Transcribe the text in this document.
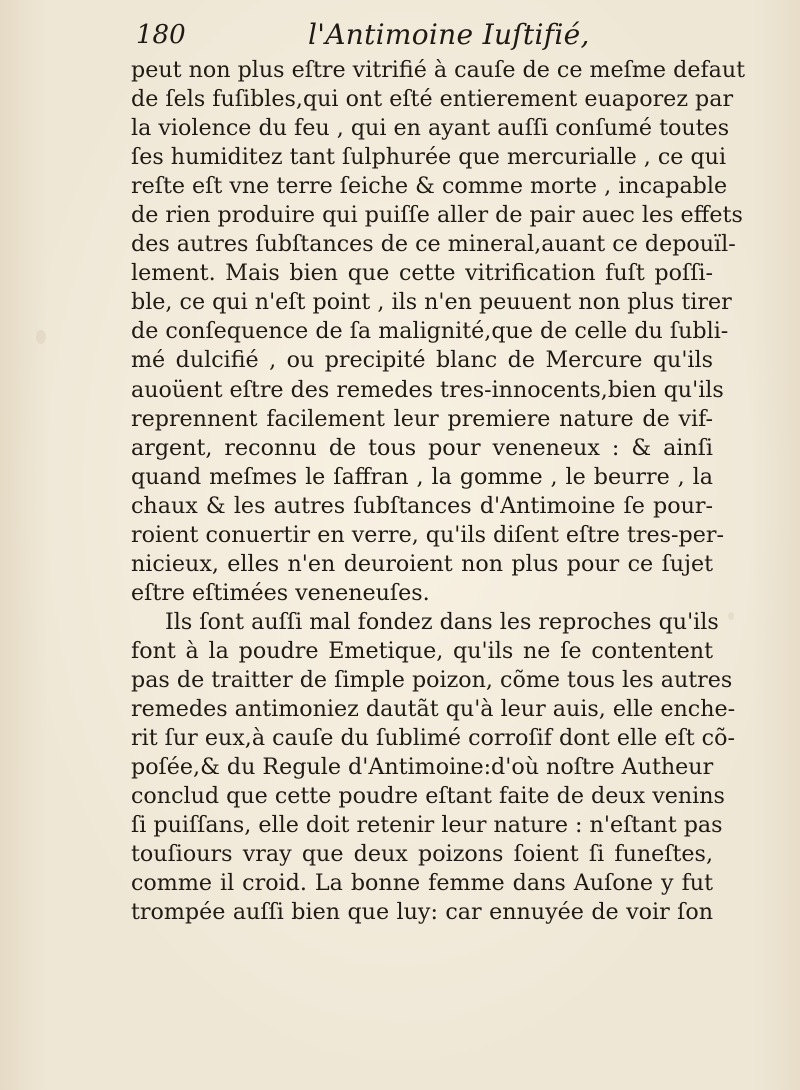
180	l'Antimoine Iuſtifié,
peut non plus eſtre vitrifié à cauſe de ce meſme defaut
de ſels fuſibles,qui ont eſté entierement euaporez par
la violence du feu , qui en ayant auſſi conſumé toutes
ſes humiditez tant ſulphurée que mercurialle , ce qui
reſte eſt vne terre ſeiche & comme morte , incapable
de rien produire qui puiſſe aller de pair auec les effets
des autres ſubſtances de ce mineral,auant ce depouïl-
lement. Mais bien que cette vitrification fuſt poſſi-
ble, ce qui n'eſt point , ils n'en peuuent non plus tirer
de conſequence de ſa malignité,que de celle du ſubli-
mé dulcifié , ou precipité blanc de Mercure qu'ils
auoüent eſtre des remedes tres-innocents,bien qu'ils
reprennent facilement leur premiere nature de vif-
argent, reconnu de tous pour veneneux : & ainſi
quand meſmes le ſaffran , la gomme , le beurre , la
chaux & les autres ſubſtances d'Antimoine ſe pour-
roient conuertir en verre, qu'ils diſent eſtre tres-per-
nicieux, elles n'en deuroient non plus pour ce ſujet
eſtre eſtimées veneneuſes.
Ils ſont auſſi mal fondez dans les reproches qu'ils
font à la poudre Emetique, qu'ils ne ſe contentent
pas de traitter de ſimple poizon, cõme tous les autres
remedes antimoniez dautãt qu'à leur auis, elle enche-
rit ſur eux,à cauſe du ſublimé corroſif dont elle eſt cõ-
poſée,& du Regule d'Antimoine:d'où noſtre Autheur
conclud que cette poudre eſtant faite de deux venins
ſi puiſſans, elle doit retenir leur nature : n'eſtant pas
touſiours vray que deux poizons ſoient ſi funeſtes,
comme il croid. La bonne femme dans Auſone y fut
trompée auſſi bien que luy: car ennuyée de voir ſon
